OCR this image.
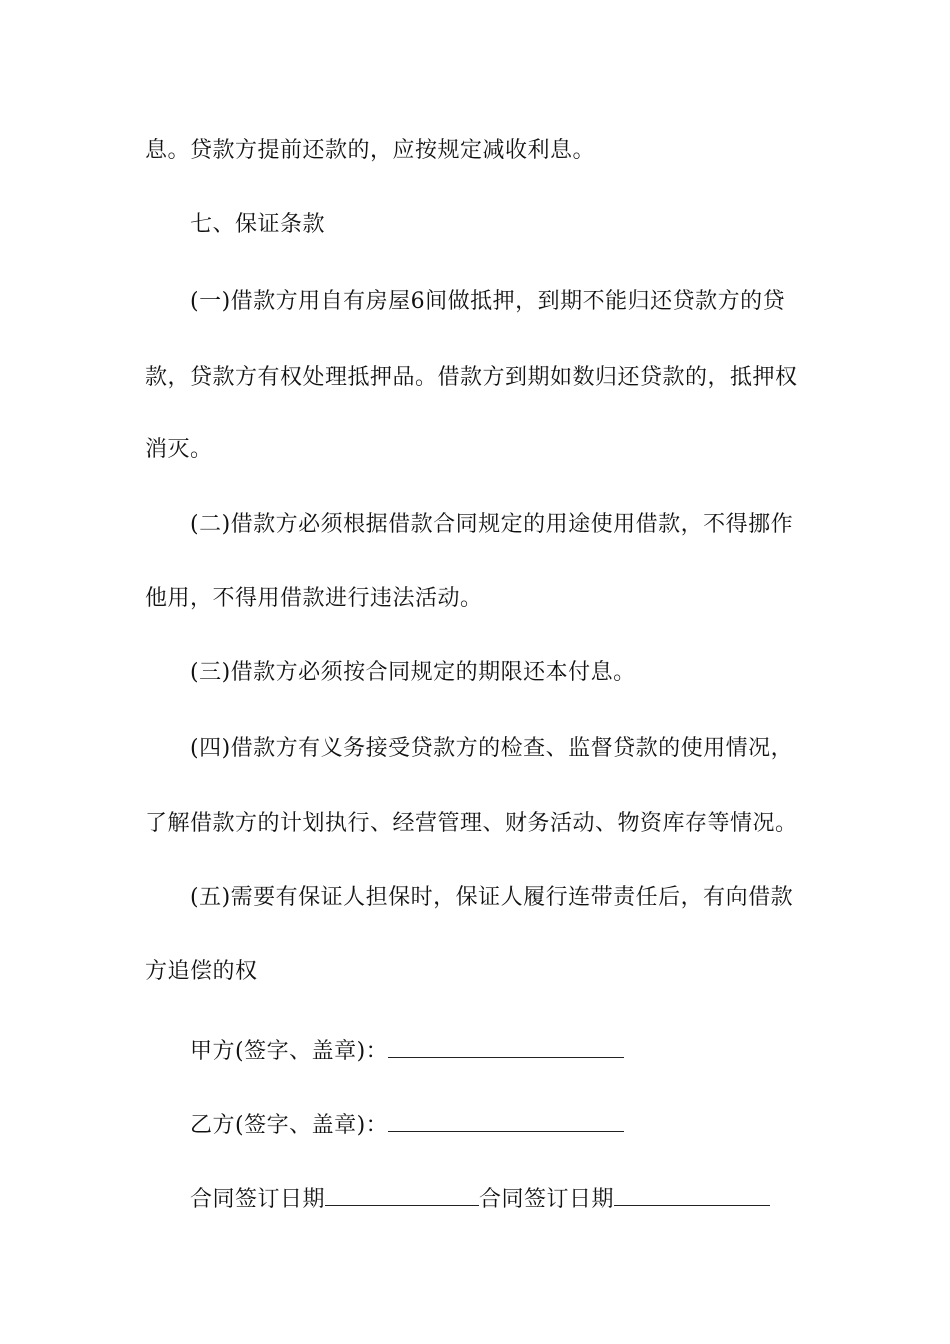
息。贷款方提前还款的，应按规定减收利息。
七、保证条款
(一)借款方用自有房屋6间做抵押，到期不能归还贷款方的贷
款，贷款方有权处理抵押品。借款方到期如数归还贷款的，抵押权
消灭。
(二)借款方必须根据借款合同规定的用途使用借款，不得挪作
他用，不得用借款进行违法活动。
(三)借款方必须按合同规定的期限还本付息。
(四)借款方有义务接受贷款方的检查、监督贷款的使用情况，
了解借款方的计划执行、经营管理、财务活动、物资库存等情况。
(五)需要有保证人担保时，保证人履行连带责任后，有向借款
方追偿的权
甲方(签字、盖章)：
乙方(签字、盖章)：
合同签订日期	合同签订日期
